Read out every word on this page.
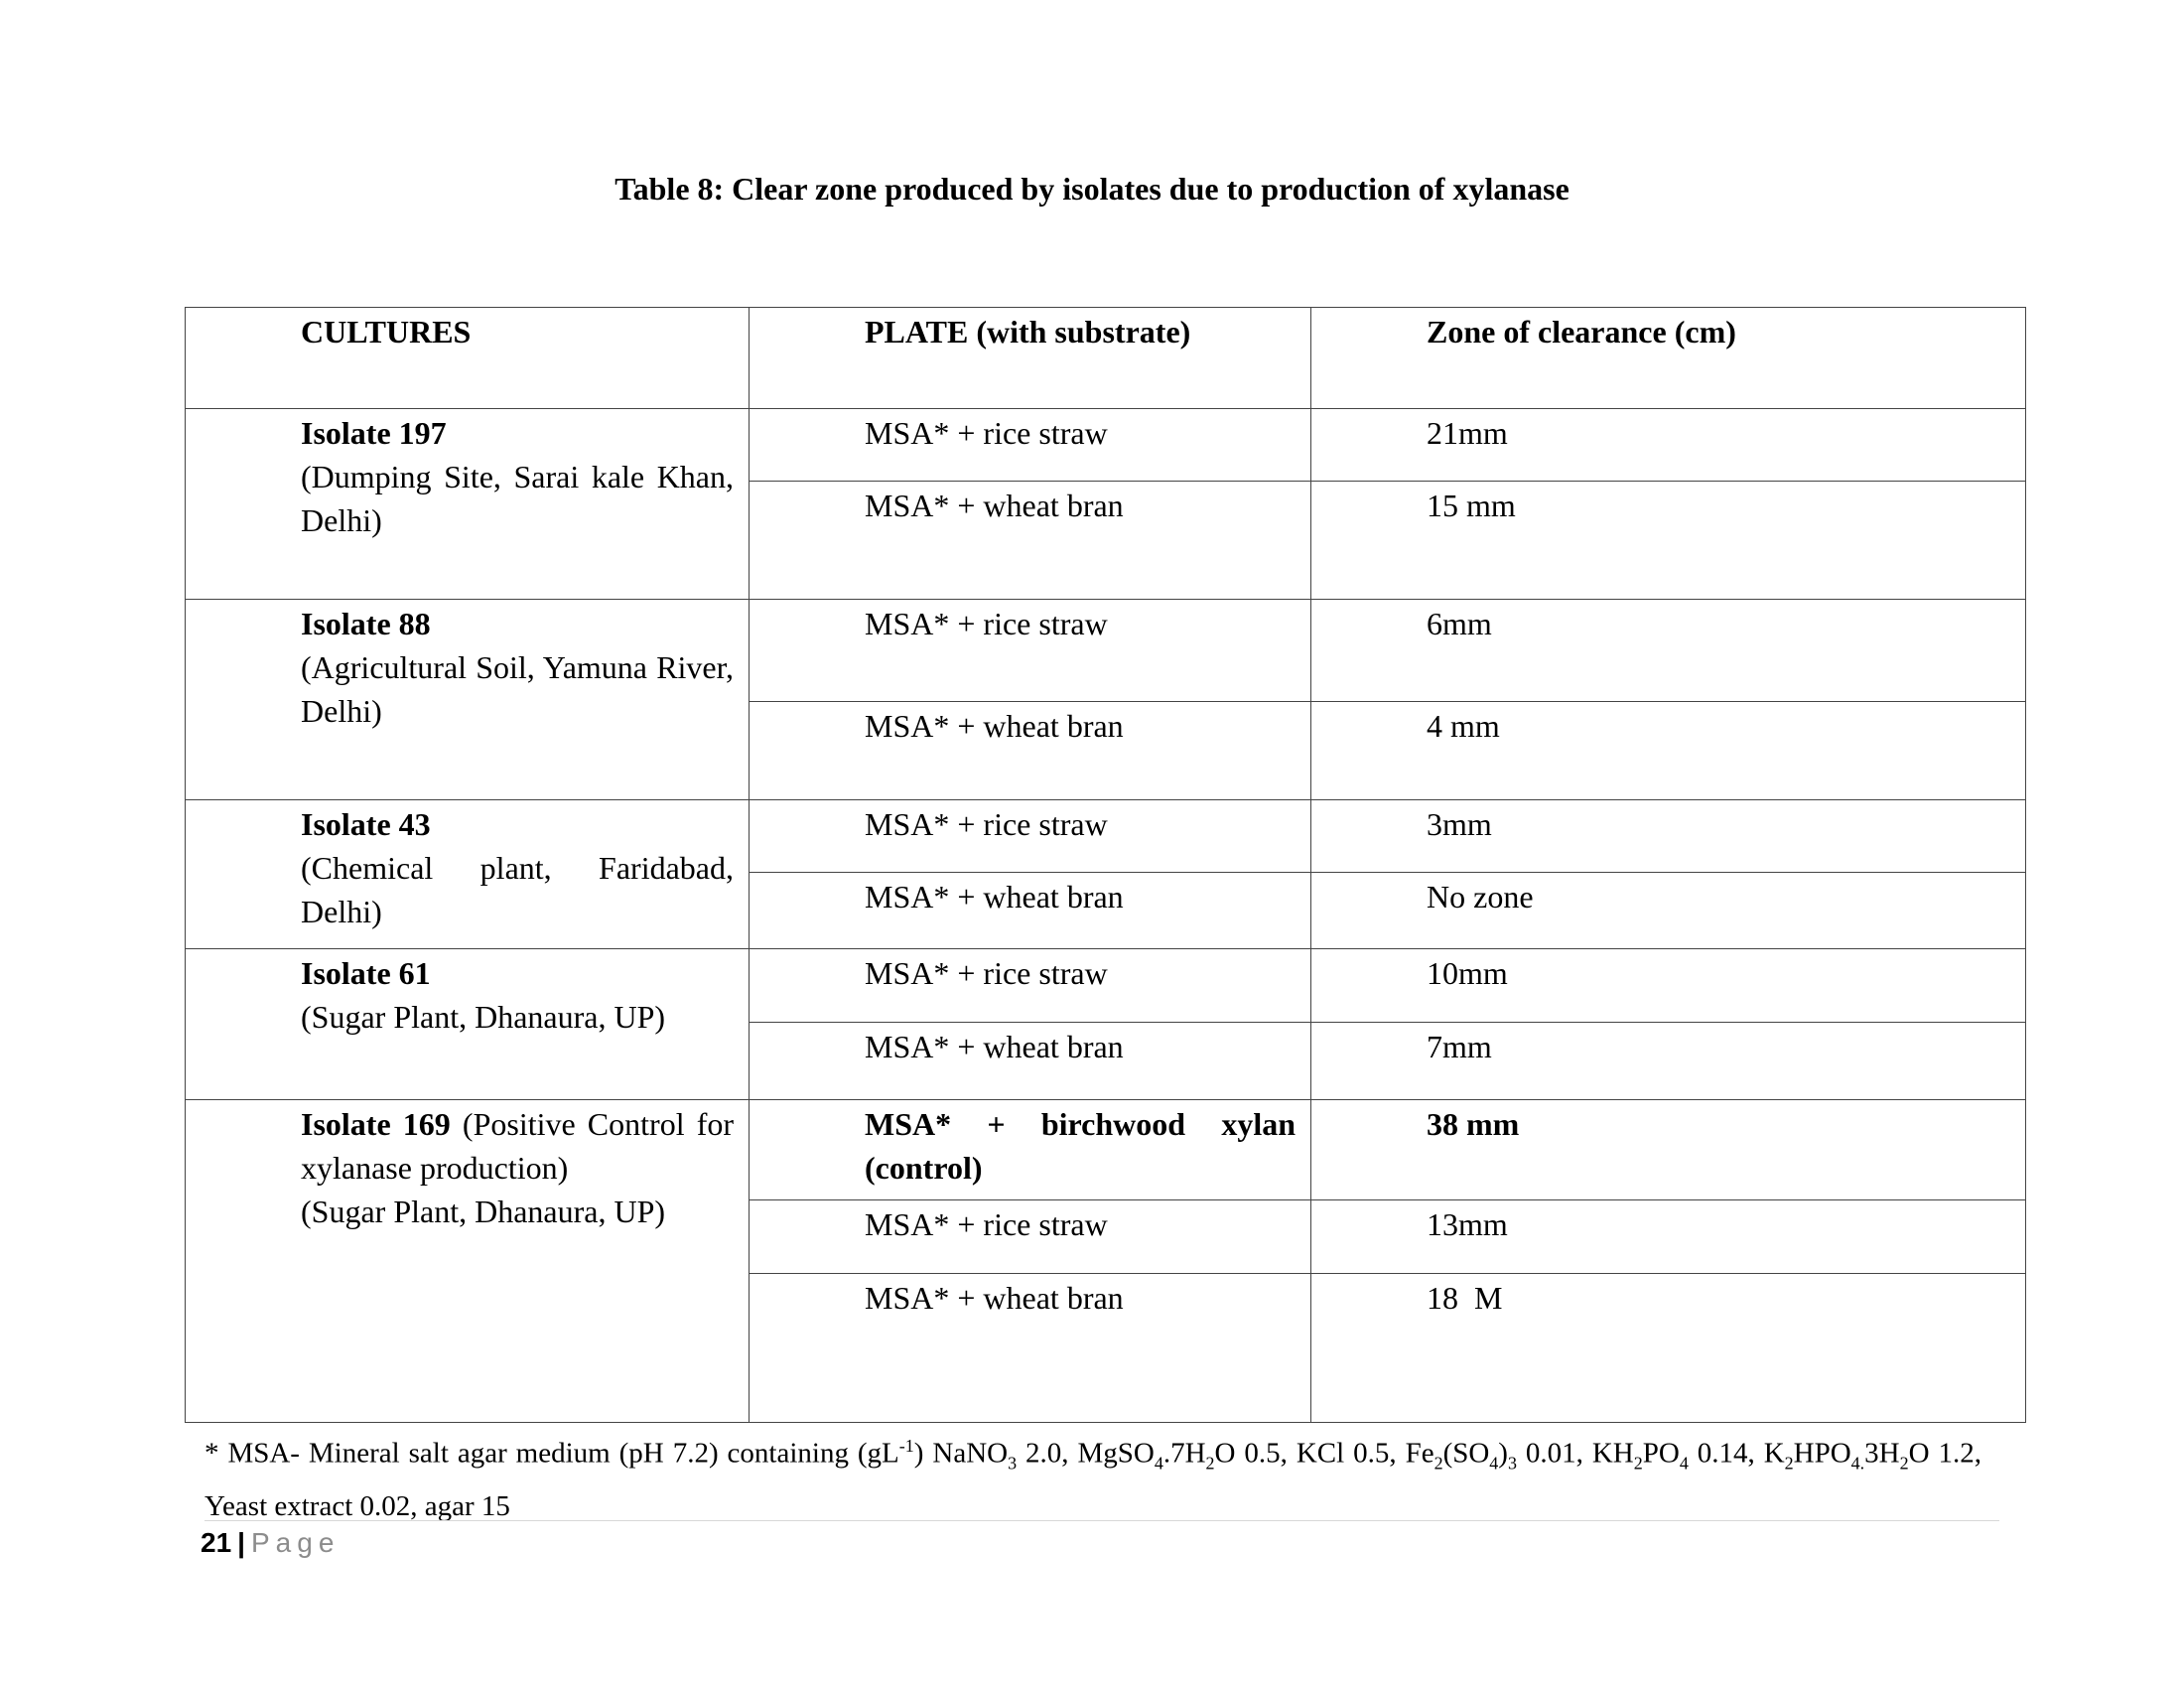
Table 8: Clear zone produced by isolates due to production of xylanase
CULTURES	PLATE (with substrate)	Zone of clearance (cm)
Isolate 197
(Dumping Site, Sarai kale Khan, Delhi)	MSA* + rice straw	21mm
	MSA* + wheat bran	15 mm
Isolate 88
(Agricultural Soil, Yamuna River, Delhi)	MSA* + rice straw	6mm
	MSA* + wheat bran	4 mm
Isolate 43
(Chemical plant, Faridabad, Delhi)	MSA* + rice straw	3mm
	MSA* + wheat bran	No zone
Isolate 61
(Sugar Plant, Dhanaura, UP)	MSA* + rice straw	10mm
	MSA* + wheat bran	7mm
Isolate 169 (Positive Control for xylanase production)
(Sugar Plant, Dhanaura, UP)	MSA* + birchwood xylan (control)	38 mm
	MSA* + rice straw	13mm
	MSA* + wheat bran	18  M
* MSA- Mineral salt agar medium (pH 7.2) containing $(gL^{-1})$ NaNO$_3$ 2.0, $MgSO_4.7H_2O$ 0.5, KCl 0.5, $Fe_2(SO_4)_3$ 0.01, $KH_2PO_4$ 0.14, $K_2HPO_{4.}3H_2O$ 1.2, Yeast extract 0.02, agar 15
21 | Page
